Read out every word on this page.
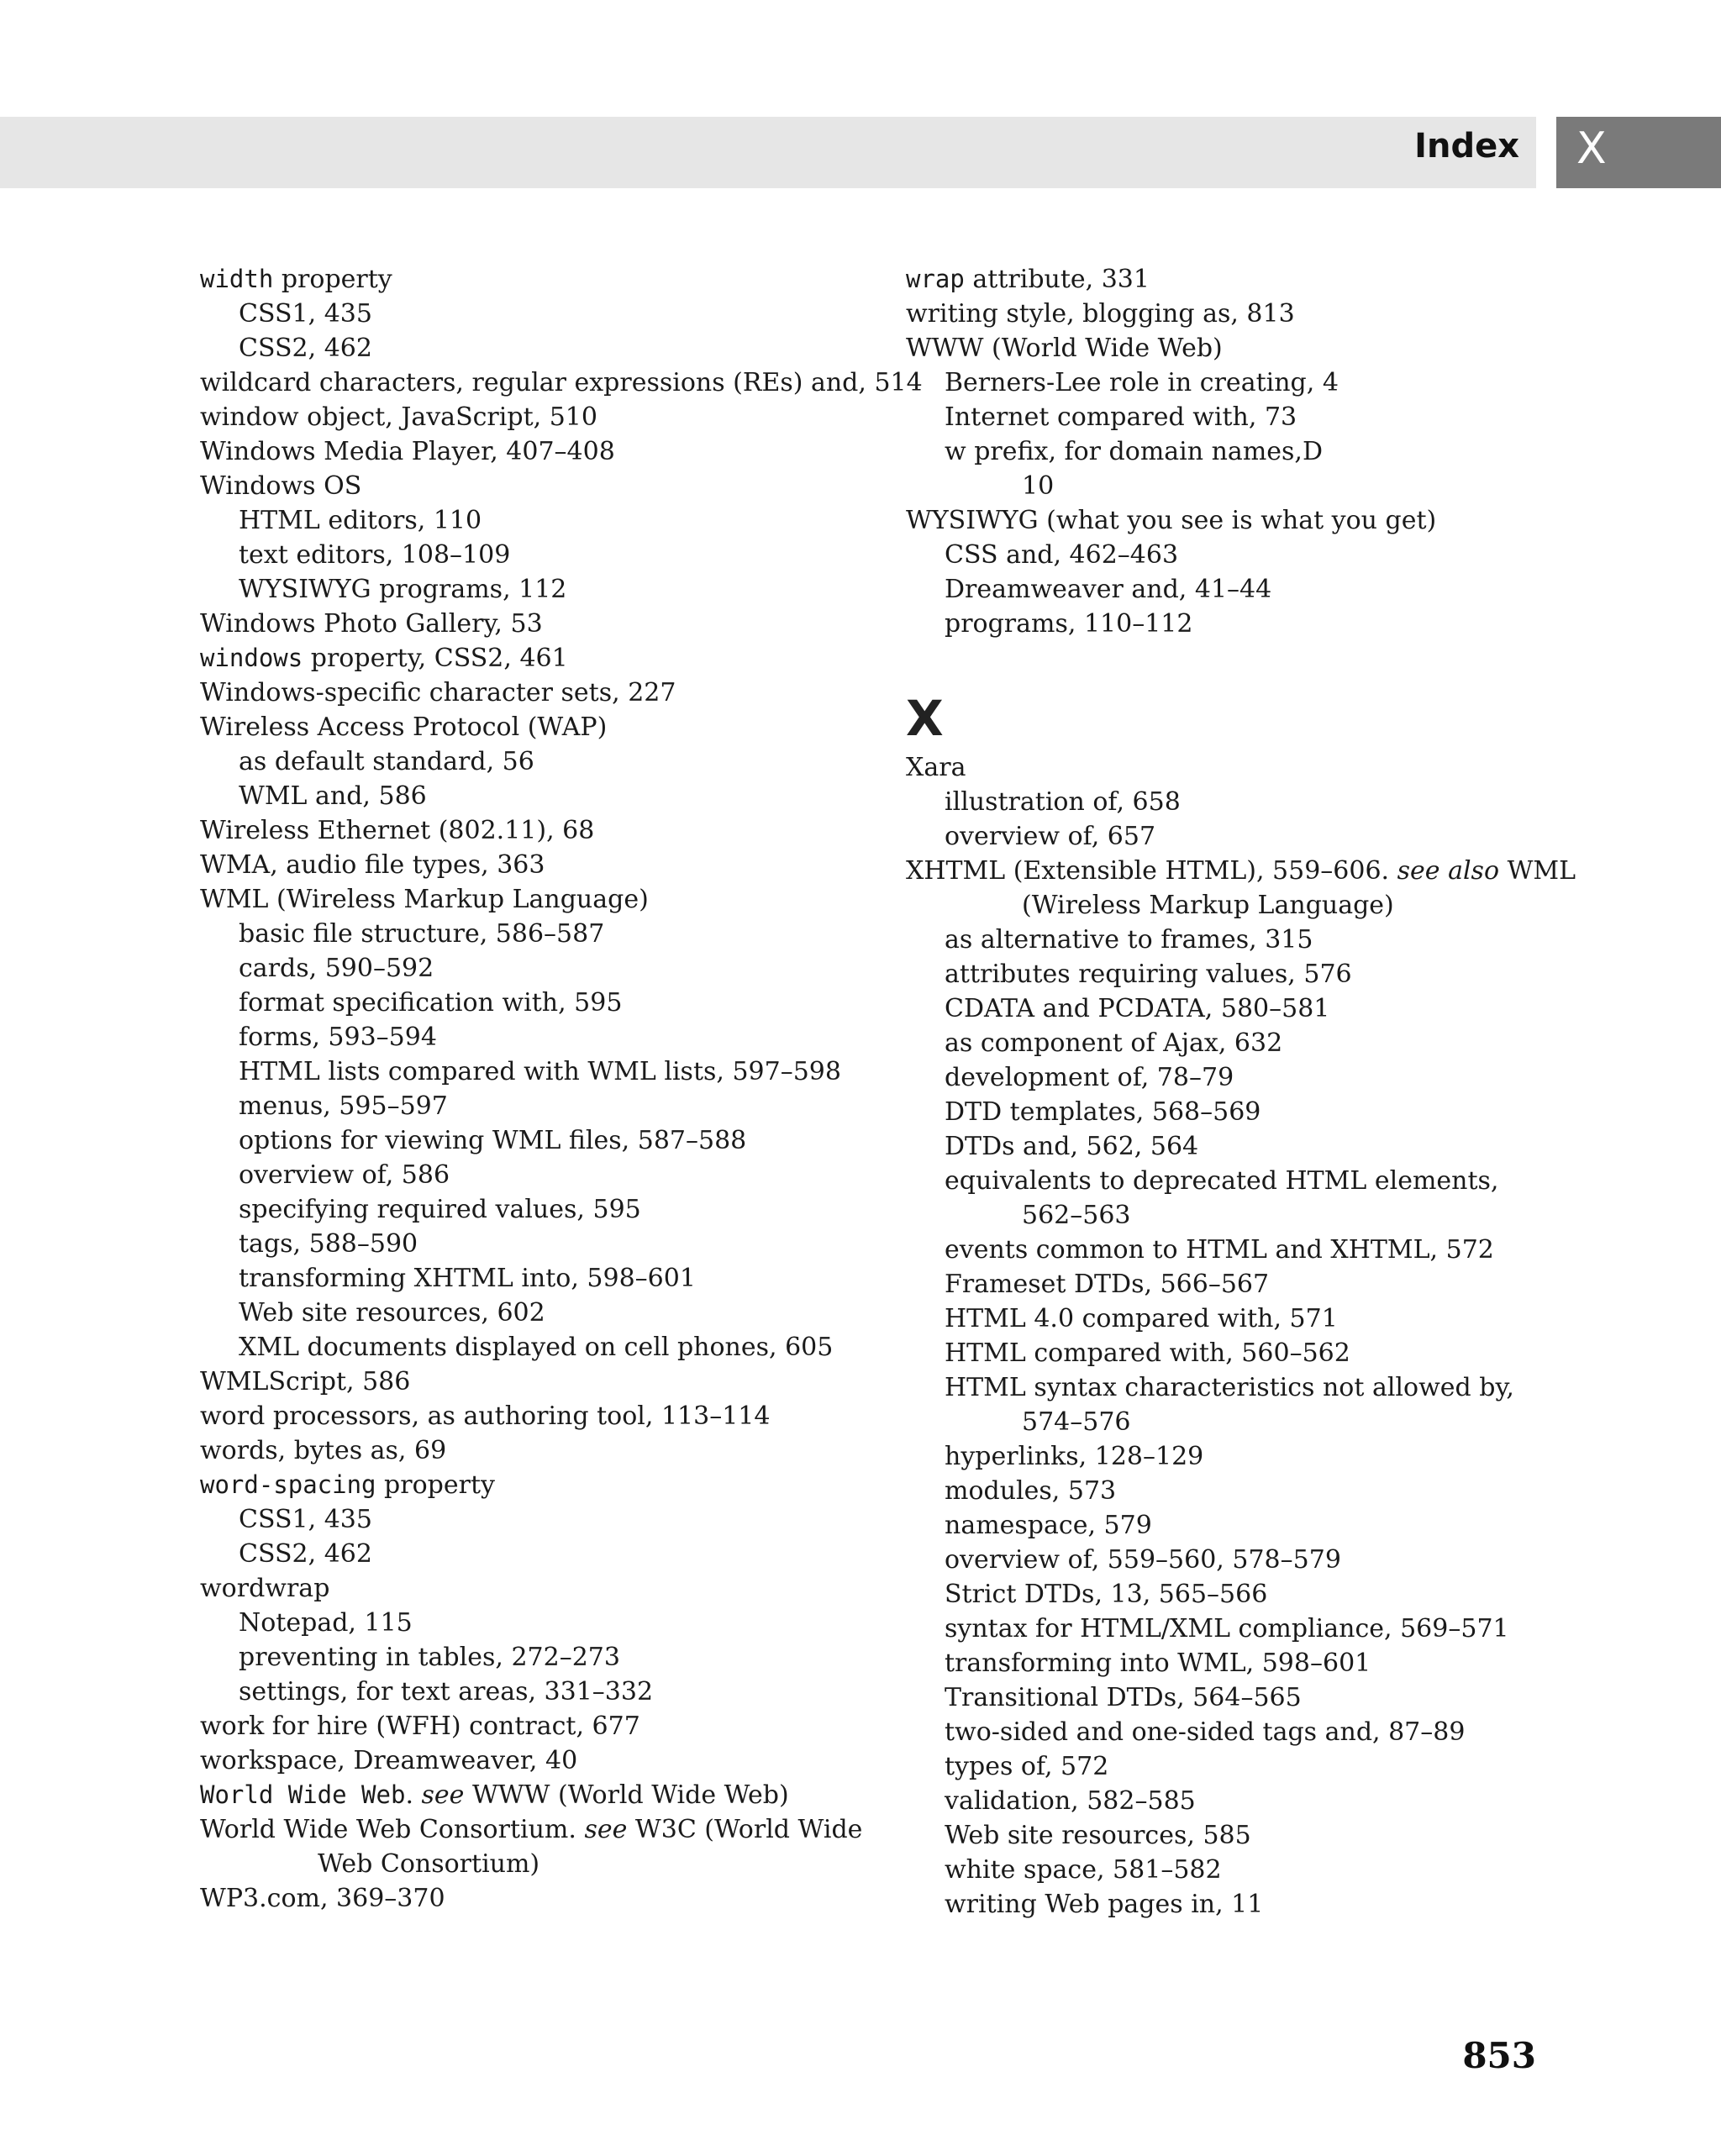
Index X
width property
CSS1, 435
CSS2, 462
wildcard characters, regular expressions (REs) and, 514
window object, JavaScript, 510
Windows Media Player, 407–408
Windows OS
HTML editors, 110
text editors, 108–109
WYSIWYG programs, 112
Windows Photo Gallery, 53
windows property, CSS2, 461
Windows-specific character sets, 227
Wireless Access Protocol (WAP)
as default standard, 56
WML and, 586
Wireless Ethernet (802.11), 68
WMA, audio file types, 363
WML (Wireless Markup Language)
basic file structure, 586–587
cards, 590–592
format specification with, 595
forms, 593–594
HTML lists compared with WML lists, 597–598
menus, 595–597
options for viewing WML files, 587–588
overview of, 586
specifying required values, 595
tags, 588–590
transforming XHTML into, 598–601
Web site resources, 602
XML documents displayed on cell phones, 605
WMLScript, 586
word processors, as authoring tool, 113–114
words, bytes as, 69
word-spacing property
CSS1, 435
CSS2, 462
wordwrap
Notepad, 115
preventing in tables, 272–273
settings, for text areas, 331–332
work for hire (WFH) contract, 677
workspace, Dreamweaver, 40
World Wide Web. see WWW (World Wide Web)
World Wide Web Consortium. see W3C (World Wide
Web Consortium)
WP3.com, 369–370
wrap attribute, 331
writing style, blogging as, 813
WWW (World Wide Web)
Berners-Lee role in creating, 4
Internet compared with, 73
w prefix, for domain names,D
10
WYSIWYG (what you see is what you get)
CSS and, 462–463
Dreamweaver and, 41–44
programs, 110–112
X
Xara
illustration of, 658
overview of, 657
XHTML (Extensible HTML), 559–606. see also WML
(Wireless Markup Language)
as alternative to frames, 315
attributes requiring values, 576
CDATA and PCDATA, 580–581
as component of Ajax, 632
development of, 78–79
DTD templates, 568–569
DTDs and, 562, 564
equivalents to deprecated HTML elements,
562–563
events common to HTML and XHTML, 572
Frameset DTDs, 566–567
HTML 4.0 compared with, 571
HTML compared with, 560–562
HTML syntax characteristics not allowed by,
574–576
hyperlinks, 128–129
modules, 573
namespace, 579
overview of, 559–560, 578–579
Strict DTDs, 13, 565–566
syntax for HTML/XML compliance, 569–571
transforming into WML, 598–601
Transitional DTDs, 564–565
two-sided and one-sided tags and, 87–89
types of, 572
validation, 582–585
Web site resources, 585
white space, 581–582
writing Web pages in, 11
853
